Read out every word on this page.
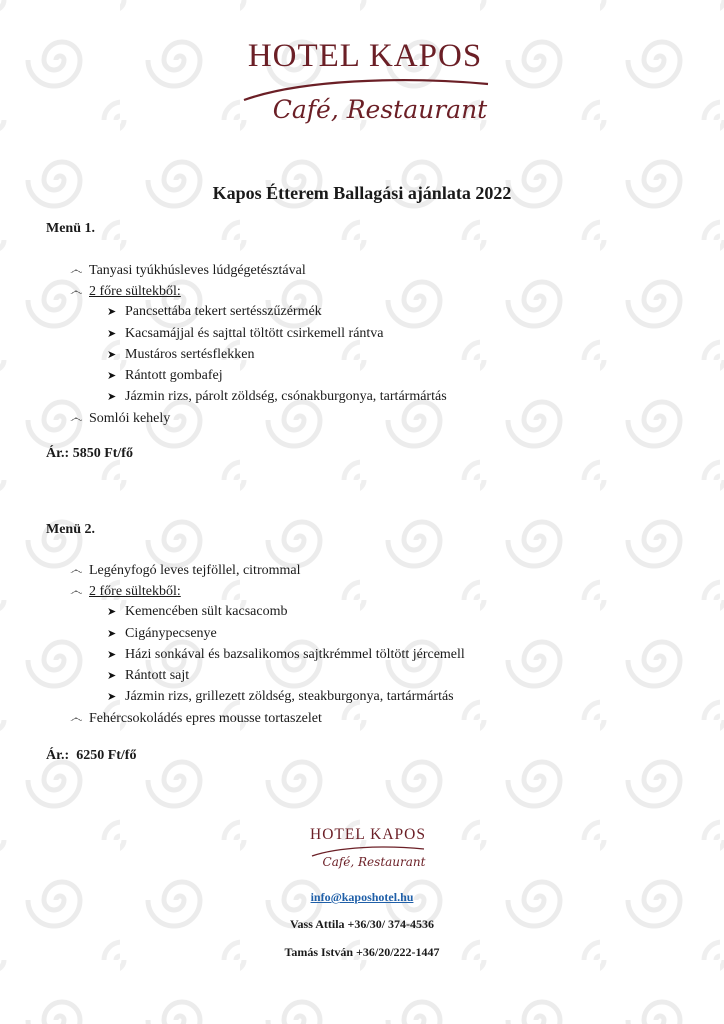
HOTEL KAPOS
Café, Restaurant
Kapos Étterem Ballagási ajánlata 2022

Menü 1.

෴ Tanyasi tyúkhúsleves lúdgégetésztával
෴ 2 főre sültekből:
➤ Pancsettába tekert sertésszűzérmék
➤ Kacsamájjal és sajttal töltött csirkemell rántva
➤ Mustáros sertésflekken
➤ Rántott gombafej
➤ Jázmin rizs, párolt zöldség, csónakburgonya, tartármártás
෴ Somlói kehely

Ár.: 5850 Ft/fő

Menü 2.

෴ Legényfogó leves tejföllel, citrommal
෴ 2 főre sültekből:
➤ Kemencében sült kacsacomb
➤ Cigánypecsenye
➤ Házi sonkával és bazsalikomos sajtkrémmel töltött jércemell
➤ Rántott sajt
➤ Jázmin rizs, grillezett zöldség, steakburgonya, tartármártás
෴ Fehércsokoládés epres mousse tortaszelet

Ár.:  6250 Ft/fő

HOTEL KAPOS
Café, Restaurant

info@kaposhotel.hu

Vass Attila +36/30/ 374-4536

Tamás István +36/20/222-1447
